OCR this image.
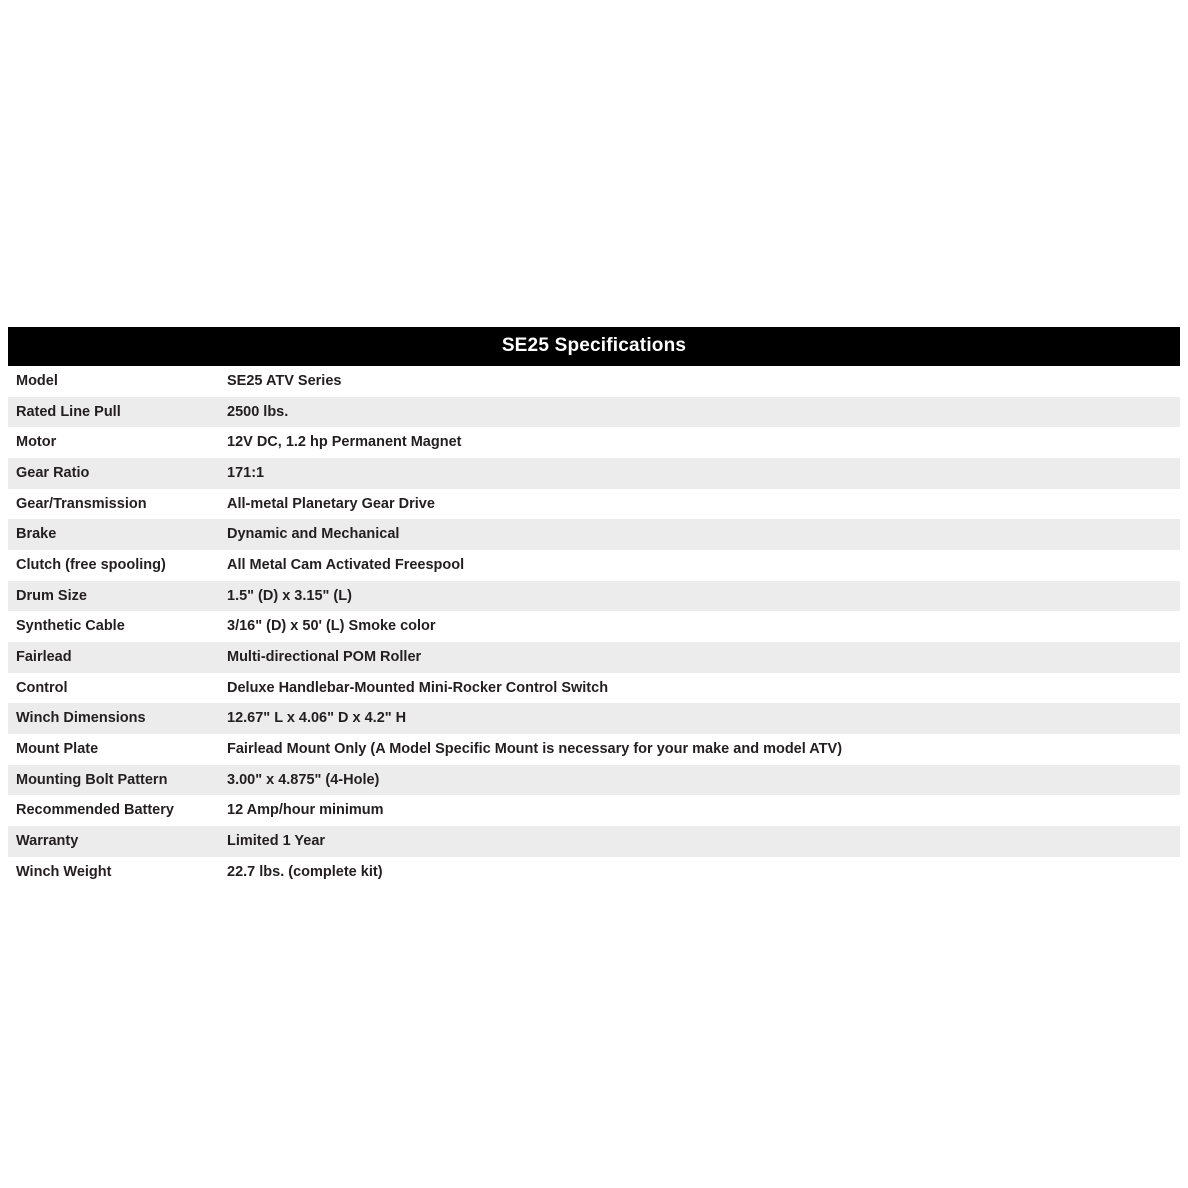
SE25 Specifications
Model	SE25 ATV Series
Rated Line Pull	2500 lbs.
Motor	12V DC, 1.2 hp Permanent Magnet
Gear Ratio	171:1
Gear/Transmission	All-metal Planetary Gear Drive
Brake	Dynamic and Mechanical
Clutch (free spooling)	All Metal Cam Activated Freespool
Drum Size	1.5" (D) x 3.15" (L)
Synthetic Cable	3/16" (D) x 50' (L) Smoke color
Fairlead	Multi-directional POM Roller
Control	Deluxe Handlebar-Mounted Mini-Rocker Control Switch
Winch Dimensions	12.67" L x 4.06" D x 4.2" H
Mount Plate	Fairlead Mount Only (A Model Specific Mount is necessary for your make and model ATV)
Mounting Bolt Pattern	3.00" x 4.875" (4-Hole)
Recommended Battery	12 Amp/hour minimum
Warranty	Limited 1 Year
Winch Weight	22.7 lbs. (complete kit)
